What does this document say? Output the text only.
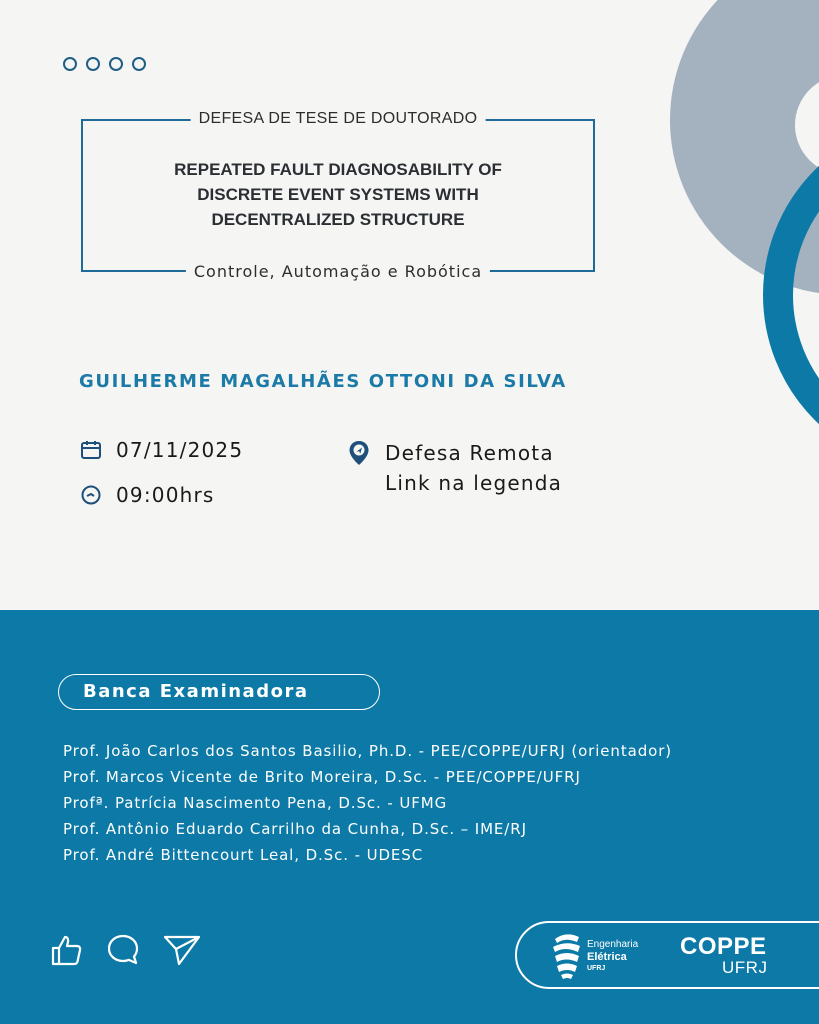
DEFESA DE TESE DE DOUTORADO
REPEATED FAULT DIAGNOSABILITY OF
DISCRETE EVENT SYSTEMS WITH
DECENTRALIZED STRUCTURE
Controle, Automação e Robótica
GUILHERME MAGALHÃES OTTONI DA SILVA
07/11/2025
09:00hrs
Defesa Remota
Link na legenda
Banca Examinadora
Prof. João Carlos dos Santos Basilio, Ph.D. - PEE/COPPE/UFRJ (orientador)
Prof. Marcos Vicente de Brito Moreira, D.Sc. - PEE/COPPE/UFRJ
Profª. Patrícia Nascimento Pena, D.Sc. - UFMG
Prof. Antônio Eduardo Carrilho da Cunha, D.Sc. – IME/RJ
Prof. André Bittencourt Leal, D.Sc. - UDESC
Engenharia
Elétrica
UFRJ
COPPE
UFRJ
